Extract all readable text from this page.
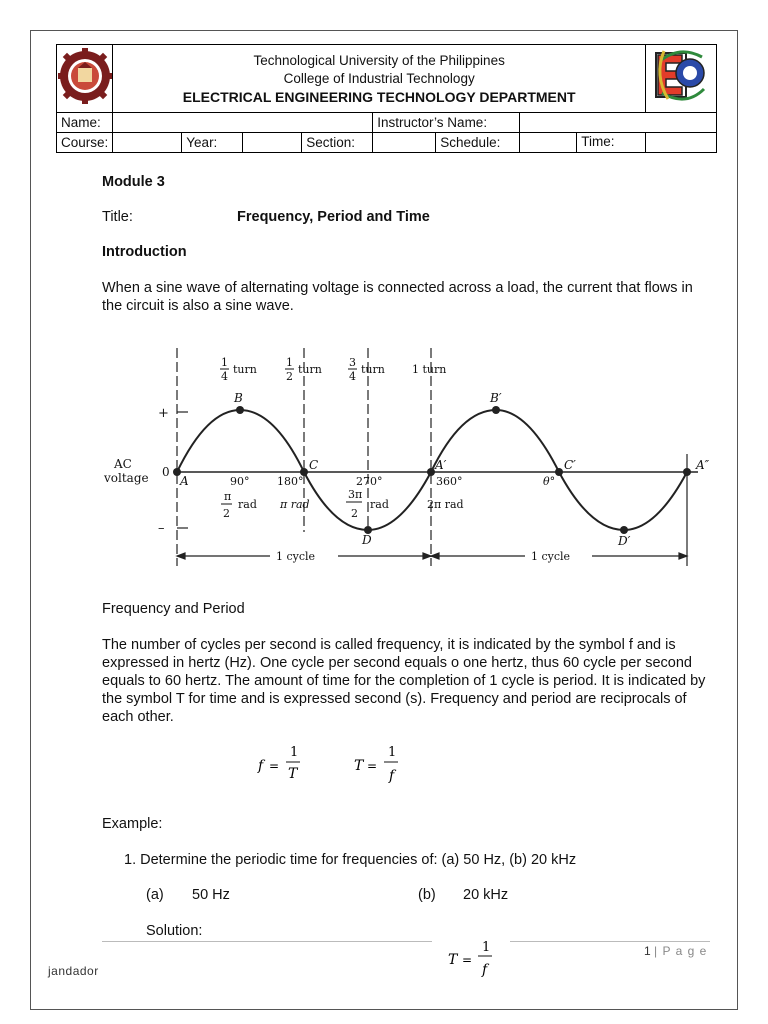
Technological University of the Philippines
College of Industrial Technology
ELECTRICAL ENGINEERING TECHNOLOGY DEPARTMENT

Name:					Instructor’s Name:			
Course:		Year:		Section:		Schedule:	Time:	

Module 3
Title:	Frequency, Period and Time
Introduction
When a sine wave of alternating voltage is connected across a load, the current that flows in the circuit is also a sine wave.
1
4
turn
1
2
turn
3
4
turn 1 turn
+
–
0
AC
voltage	A
B
C
D
A′
B′
C′
D′
A″
90°	180°	270°	360°	θ°
π
2
rad π rad
3π
2
rad	2π rad
1 cycle	1 cycle
Frequency and Period
The number of cycles per second is called frequency, it is indicated by the symbol f and is expressed in hertz (Hz). One cycle per second equals o one hertz, thus 60 cycle per second equals to 60 hertz. The amount of time for the completion of 1 cycle is period. It is indicated by the symbol T for time and is expressed second (s). Frequency and period are reciprocals of each other.
f =
1
T	T =
1
f
Example:
1. Determine the periodic time for frequencies of: (a) 50 Hz, (b) 20 kHz
(a)	50 Hz	(b)	20 kHz
Solution:
T =
1
f
1 | P a g e
jandador
